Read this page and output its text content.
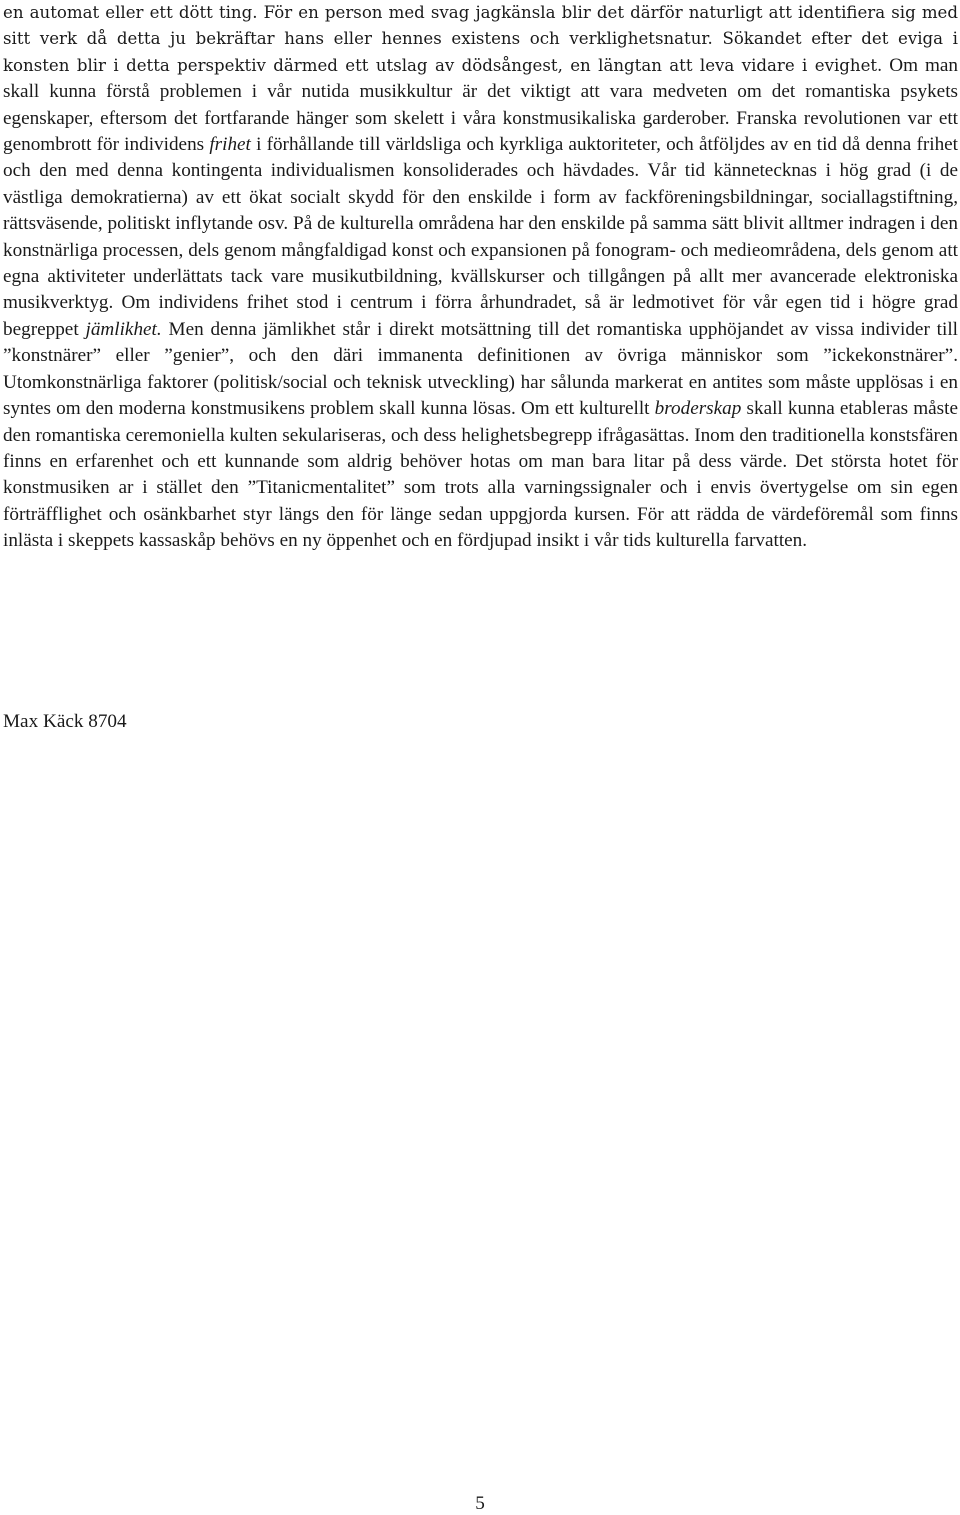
en automat eller ett dött ting. För en person med svag jagkänsla blir det därför naturligt att identifiera sig med sitt verk då detta ju bekräftar hans eller hennes existens och verklighetsnatur. Sökandet efter det eviga i konsten blir i detta perspektiv därmed ett utslag av dödsångest, en längtan att leva vidare i evighet. Om man skall kunna förstå problemen i vår nutida musikkultur är det viktigt att vara medveten om det romantiska psykets egenskaper, eftersom det fortfarande hänger som skelett i våra konstmusikaliska garderober. Franska revolutionen var ett genombrott för individens frihet i förhållande till världsliga och kyrkliga auktoriteter, och åtföljdes av en tid då denna frihet och den med denna kontingenta individualismen konsoliderades och hävdades. Vår tid kännetecknas i hög grad (i de västliga demokratierna) av ett ökat socialt skydd för den enskilde i form av fackföreningsbildningar, sociallagstiftning, rättsväsende, politiskt inflytande osv. På de kulturella områdena har den enskilde på samma sätt blivit alltmer indragen i den konstnärliga processen, dels genom mångfaldigad konst och expansionen på fonogram- och medieområdena, dels genom att egna aktiviteter underlättats tack vare musikutbildning, kvällskurser och tillgången på allt mer avancerade elektroniska musikverktyg. Om individens frihet stod i centrum i förra århundradet, så är ledmotivet för vår egen tid i högre grad begreppet jämlikhet. Men denna jämlikhet står i direkt motsättning till det romantiska upphöjandet av vissa individer till ”konstnärer” eller ”genier”, och den däri immanenta definitionen av övriga människor som ”ickekonstnärer”. Utomkonstnärliga faktorer (politisk/social och teknisk utveckling) har sålunda markerat en antites som måste upplösas i en syntes om den moderna konstmusikens problem skall kunna lösas. Om ett kulturellt broderskap skall kunna etableras måste den romantiska ceremoniella kulten sekulariseras, och dess helighetsbegrepp ifrågasättas. Inom den traditionella konstsfären finns en erfarenhet och ett kunnande som aldrig behöver hotas om man bara litar på dess värde. Det största hotet för konstmusiken ar i stället den ”Titanicmentalitet” som trots alla varningssignaler och i envis övertygelse om sin egen förträfflighet och osänkbarhet styr längs den för länge sedan uppgjorda kursen. För att rädda de värdeföremål som finns inlästa i skeppets kassaskåp behövs en ny öppenhet och en fördjupad insikt i vår tids kulturella farvatten.

Max Käck 8704

5
